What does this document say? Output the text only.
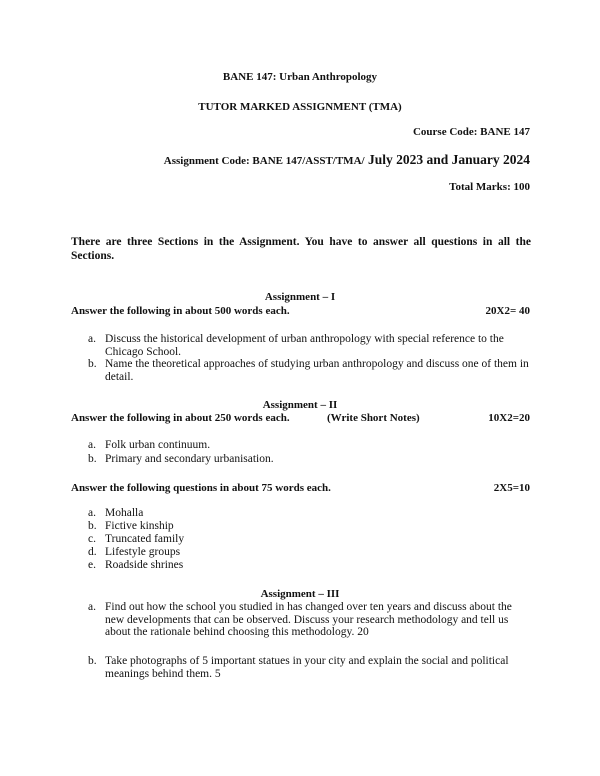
BANE 147: Urban Anthropology
TUTOR MARKED ASSIGNMENT (TMA)
Course Code: BANE 147
Assignment Code: BANE 147/ASST/TMA/ July 2023 and January 2024
Total Marks: 100
There are three Sections in the Assignment. You have to answer all questions in all the Sections.
Assignment – I
Answer the following in about 500 words each.	20X2= 40
a. Discuss the historical development of urban anthropology with special reference to the Chicago School.
b. Name the theoretical approaches of studying urban anthropology and discuss one of them in detail.
Assignment – II
Answer the following in about 250 words each.	(Write Short Notes)	10X2=20
a. Folk urban continuum.
b. Primary and secondary urbanisation.
Answer the following questions in about 75 words each.	2X5=10
a. Mohalla
b. Fictive kinship
c. Truncated family
d. Lifestyle groups
e. Roadside shrines
Assignment – III
a. Find out how the school you studied in has changed over ten years and discuss about the new developments that can be observed. Discuss your research methodology and tell us about the rationale behind choosing this methodology. 20
b. Take photographs of 5 important statues in your city and explain the social and political meanings behind them. 5
